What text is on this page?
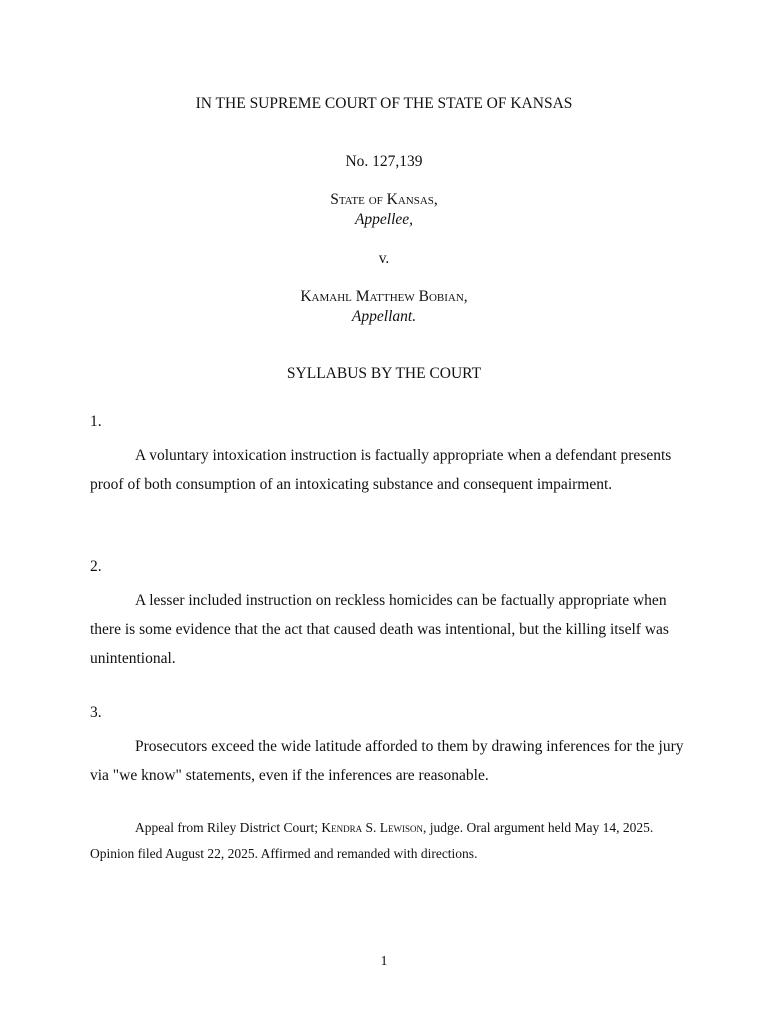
IN THE SUPREME COURT OF THE STATE OF KANSAS
No. 127,139
State of Kansas,
Appellee,
v.
Kamahl Matthew Bobian,
Appellant.
SYLLABUS BY THE COURT
1.
A voluntary intoxication instruction is factually appropriate when a defendant presents proof of both consumption of an intoxicating substance and consequent impairment.
2.
A lesser included instruction on reckless homicides can be factually appropriate when there is some evidence that the act that caused death was intentional, but the killing itself was unintentional.
3.
Prosecutors exceed the wide latitude afforded to them by drawing inferences for the jury via "we know" statements, even if the inferences are reasonable.
Appeal from Riley District Court; Kendra S. Lewison, judge. Oral argument held May 14, 2025. Opinion filed August 22, 2025. Affirmed and remanded with directions.
1
